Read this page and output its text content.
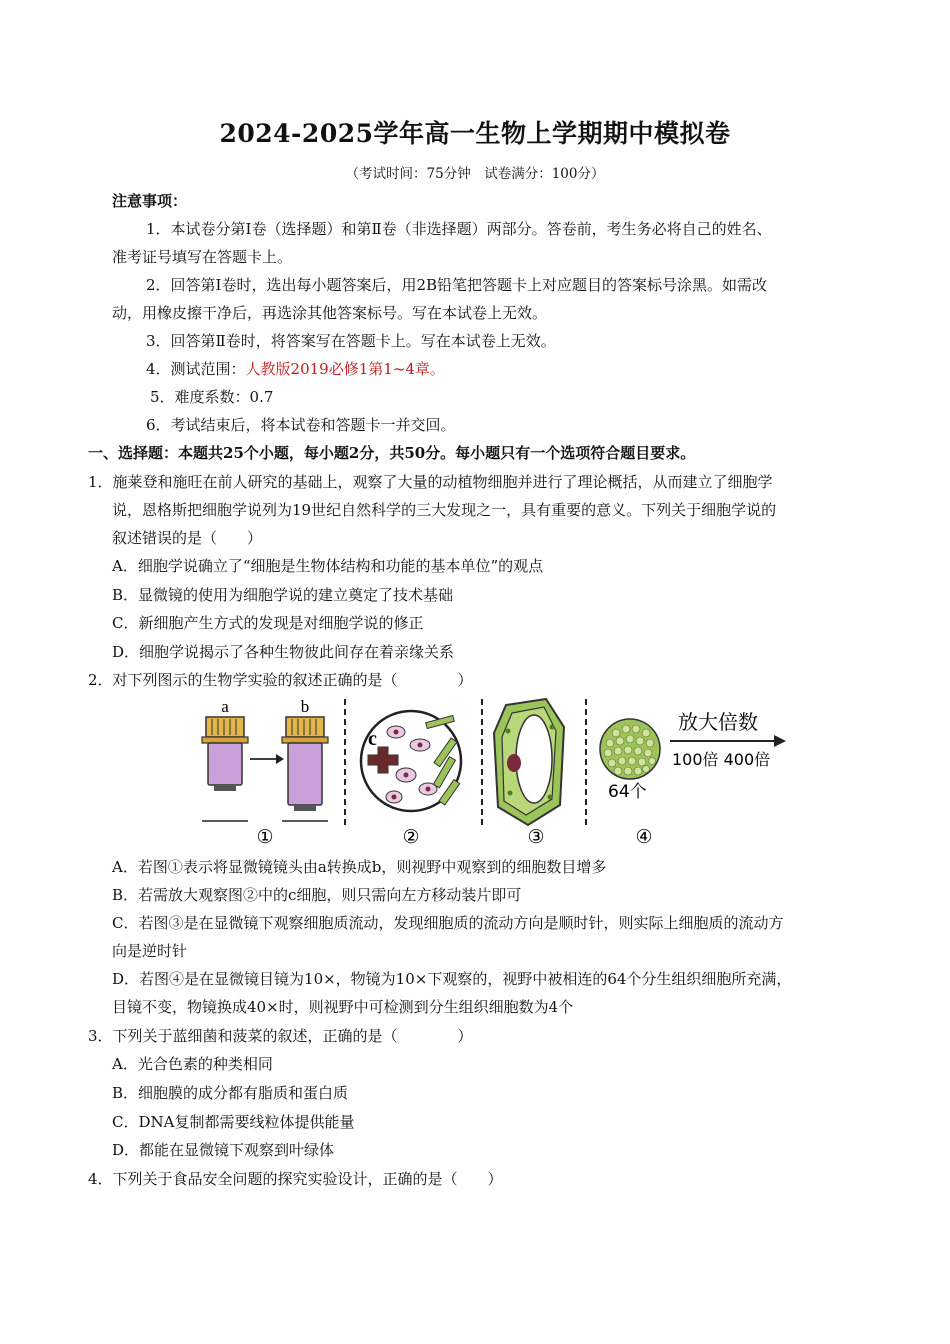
2024-2025学年高一生物上学期期中模拟卷
（考试时间：75分钟　试卷满分：100分）
注意事项：
1．本试卷分第Ⅰ卷（选择题）和第Ⅱ卷（非选择题）两部分。答卷前，考生务必将自己的姓名、
准考证号填写在答题卡上。
2．回答第Ⅰ卷时，选出每小题答案后，用2B铅笔把答题卡上对应题目的答案标号涂黑。如需改
动，用橡皮擦干净后，再选涂其他答案标号。写在本试卷上无效。
3．回答第Ⅱ卷时，将答案写在答题卡上。写在本试卷上无效。
4．测试范围：人教版2019必修1第1~4章。
5．难度系数：0.7
6．考试结束后，将本试卷和答题卡一并交回。
一、选择题：本题共25个小题，每小题2分，共50分。每小题只有一个选项符合题目要求。
1．施莱登和施旺在前人研究的基础上，观察了大量的动植物细胞并进行了理论概括，从而建立了细胞学
说，恩格斯把细胞学说列为19世纪自然科学的三大发现之一，具有重要的意义。下列关于细胞学说的
叙述错误的是（　　）
A．细胞学说确立了“细胞是生物体结构和功能的基本单位”的观点
B．显微镜的使用为细胞学说的建立奠定了技术基础
C．新细胞产生方式的发现是对细胞学说的修正
D．细胞学说揭示了各种生物彼此间存在着亲缘关系
2．对下列图示的生物学实验的叙述正确的是（　　　　）
a	b
①
c
②	③
64个
放大倍数
100倍 400倍
④
A．若图①表示将显微镜镜头由a转换成b，则视野中观察到的细胞数目增多
B．若需放大观察图②中的c细胞，则只需向左方移动装片即可
C．若图③是在显微镜下观察细胞质流动，发现细胞质的流动方向是顺时针，则实际上细胞质的流动方
向是逆时针
D．若图④是在显微镜目镜为10×，物镜为10×下观察的，视野中被相连的64个分生组织细胞所充满，
目镜不变，物镜换成40×时，则视野中可检测到分生组织细胞数为4个
3．下列关于蓝细菌和菠菜的叙述，正确的是（　　　　）
A．光合色素的种类相同
B．细胞膜的成分都有脂质和蛋白质
C．DNA复制都需要线粒体提供能量
D．都能在显微镜下观察到叶绿体
4．下列关于食品安全问题的探究实验设计，正确的是（　　）
